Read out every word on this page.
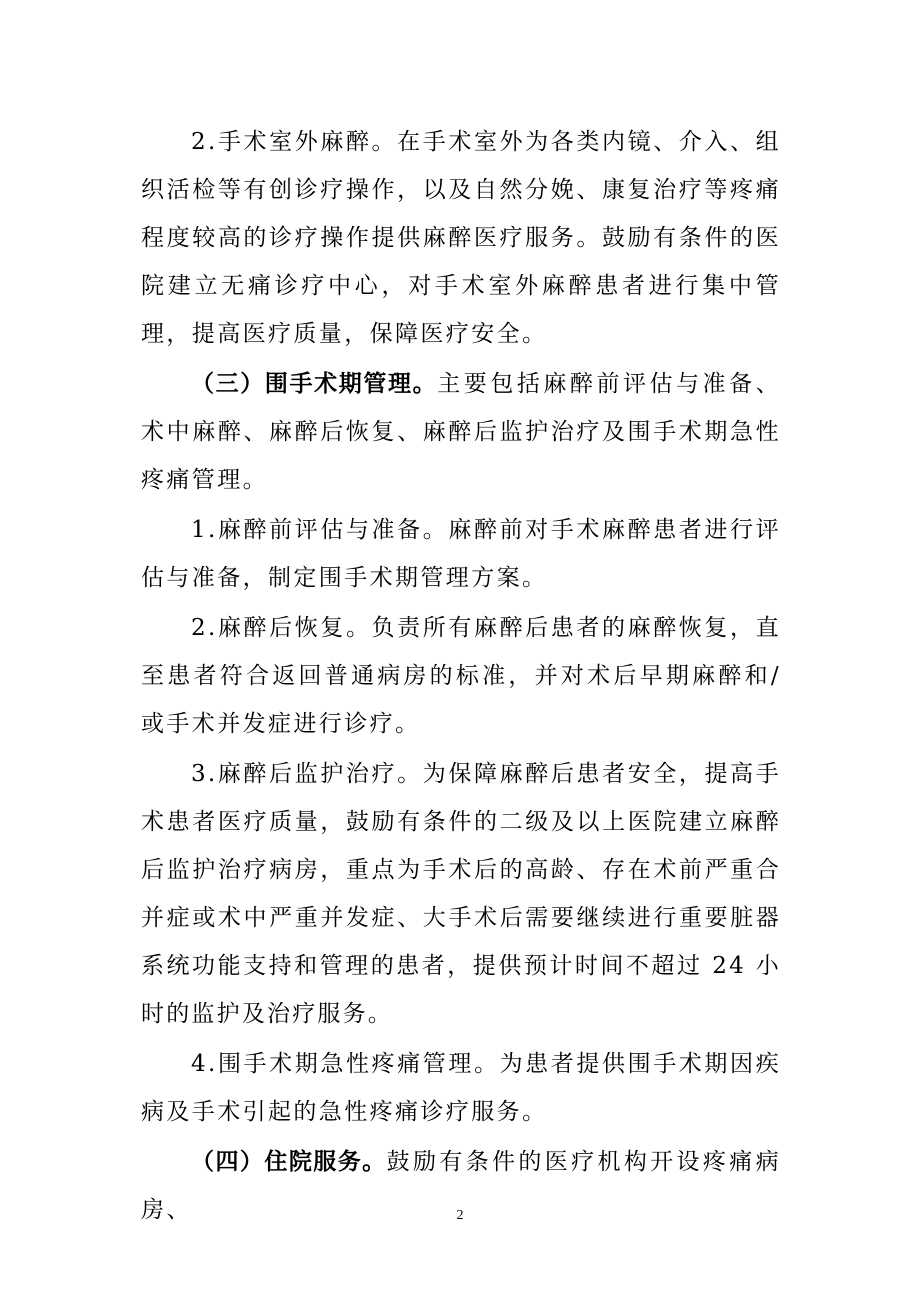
2.手术室外麻醉。在手术室外为各类内镜、介入、组织活检等有创诊疗操作，以及自然分娩、康复治疗等疼痛程度较高的诊疗操作提供麻醉医疗服务。鼓励有条件的医院建立无痛诊疗中心，对手术室外麻醉患者进行集中管理，提高医疗质量，保障医疗安全。

（三）围手术期管理。主要包括麻醉前评估与准备、术中麻醉、麻醉后恢复、麻醉后监护治疗及围手术期急性疼痛管理。

1.麻醉前评估与准备。麻醉前对手术麻醉患者进行评估与准备，制定围手术期管理方案。

2.麻醉后恢复。负责所有麻醉后患者的麻醉恢复，直至患者符合返回普通病房的标准，并对术后早期麻醉和/或手术并发症进行诊疗。

3.麻醉后监护治疗。为保障麻醉后患者安全，提高手术患者医疗质量，鼓励有条件的二级及以上医院建立麻醉后监护治疗病房，重点为手术后的高龄、存在术前严重合并症或术中严重并发症、大手术后需要继续进行重要脏器系统功能支持和管理的患者，提供预计时间不超过 24 小时的监护及治疗服务。

4.围手术期急性疼痛管理。为患者提供围手术期因疾病及手术引起的急性疼痛诊疗服务。

（四）住院服务。鼓励有条件的医疗机构开设疼痛病房、	2
